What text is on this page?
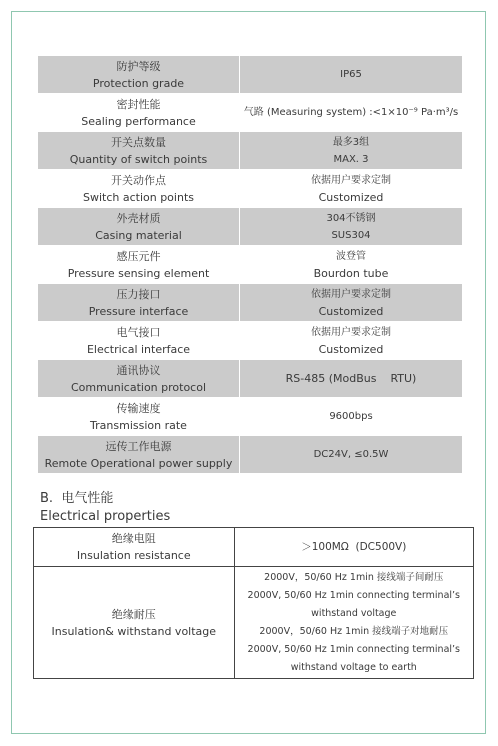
防护等级
Protection grade
IP65
密封性能
Sealing performance
气路 (Measuring system) :<1×10⁻⁹ Pa·m³/s
开关点数量
Quantity of switch points
最多3组
MAX. 3
开关动作点
Switch action points
依据用户要求定制
Customized
外壳材质
Casing material
304不锈钢
SUS304
感压元件
Pressure sensing element
波登管
Bourdon tube
压力接口
Pressure interface
依据用户要求定制
Customized
电气接口
Electrical interface
依据用户要求定制
Customized
通讯协议
Communication protocol
RS-485 (ModBus    RTU)
传输速度
Transmission rate
9600bps
远传工作电源
Remote Operational power supply
DC24V, ≤0.5W
B.  电气性能
Electrical properties
绝缘电阻
Insulation resistance
＞100MΩ  (DC500V)
绝缘耐压
Insulation& withstand voltage
2000V，50/60 Hz 1min 接线端子间耐压
2000V, 50/60 Hz 1min connecting terminal’s
withstand voltage
2000V，50/60 Hz 1min 接线端子对地耐压
2000V, 50/60 Hz 1min connecting terminal’s
withstand voltage to earth
